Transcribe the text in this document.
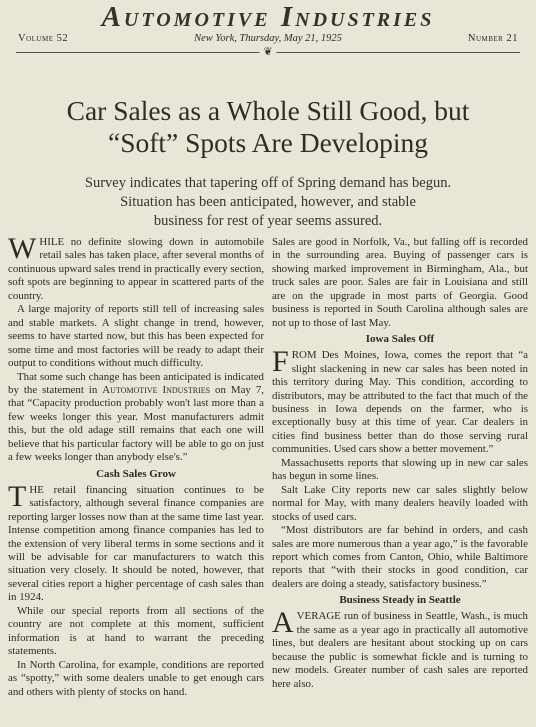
Automotive Industries
Volume 52	New York, Thursday, May 21, 1925	Number 21
❦
Car Sales as a Whole Still Good, but
“Soft” Spots Are Developing
Survey indicates that tapering off of Spring demand has begun.
Situation has been anticipated, however, and stable
business for rest of year seems assured.

WHILE no definite slowing down in automobile retail sales has taken place, after several months of continuous upward sales trend in practically every section, soft spots are beginning to appear in scattered parts of the country.

A large majority of reports still tell of increasing sales and stable markets. A slight change in trend, however, seems to have started now, but this has been expected for some time and most factories will be ready to adapt their output to conditions without much difficulty.

That some such change has been anticipated is indicated by the statement in Automotive Industries on May 7, that “Capacity production probably won't last more than a few weeks longer this year. Most manufacturers admit this, but the old adage still remains that each one will believe that his particular factory will be able to go on just a few weeks longer than anybody else's.”

Cash Sales Grow

THE retail financing situation continues to be satisfactory, although several finance companies are reporting larger losses now than at the same time last year. Intense competition among finance companies has led to the extension of very liberal terms in some sections and it will be advisable for car manufacturers to watch this situation very closely. It should be noted, however, that several cities report a higher percentage of cash sales than in 1924.

While our special reports from all sections of the country are not complete at this moment, sufficient information is at hand to warrant the preceding statements.

In North Carolina, for example, conditions are reported as “spotty,” with some dealers unable to get enough cars and others with plenty of stocks on hand.

Sales are good in Norfolk, Va., but falling off is recorded in the surrounding area. Buying of passenger cars is showing marked improvement in Birmingham, Ala., but truck sales are poor. Sales are fair in Louisiana and still are on the upgrade in most parts of Georgia. Good business is reported in South Carolina although sales are not up to those of last May.

Iowa Sales Off

FROM Des Moines, Iowa, comes the report that “a slight slackening in new car sales has been noted in this territory during May. This condition, according to distributors, may be attributed to the fact that much of the business in Iowa depends on the farmer, who is exceptionally busy at this time of year. Car dealers in cities find business better than do those serving rural communities. Used cars show a better movement.”

Massachusetts reports that slowing up in new car sales has begun in some lines.

Salt Lake City reports new car sales slightly below normal for May, with many dealers heavily loaded with stocks of used cars.

“Most distributors are far behind in orders, and cash sales are more numerous than a year ago,” is the favorable report which comes from Canton, Ohio, while Baltimore reports that “with their stocks in good condition, car dealers are doing a steady, satisfactory business.”

Business Steady in Seattle

AVERAGE run of business in Seattle, Wash., is much the same as a year ago in practically all automotive lines, but dealers are hesitant about stocking up on cars because the public is somewhat fickle and is turning to new models. Greater number of cash sales are reported here also.
